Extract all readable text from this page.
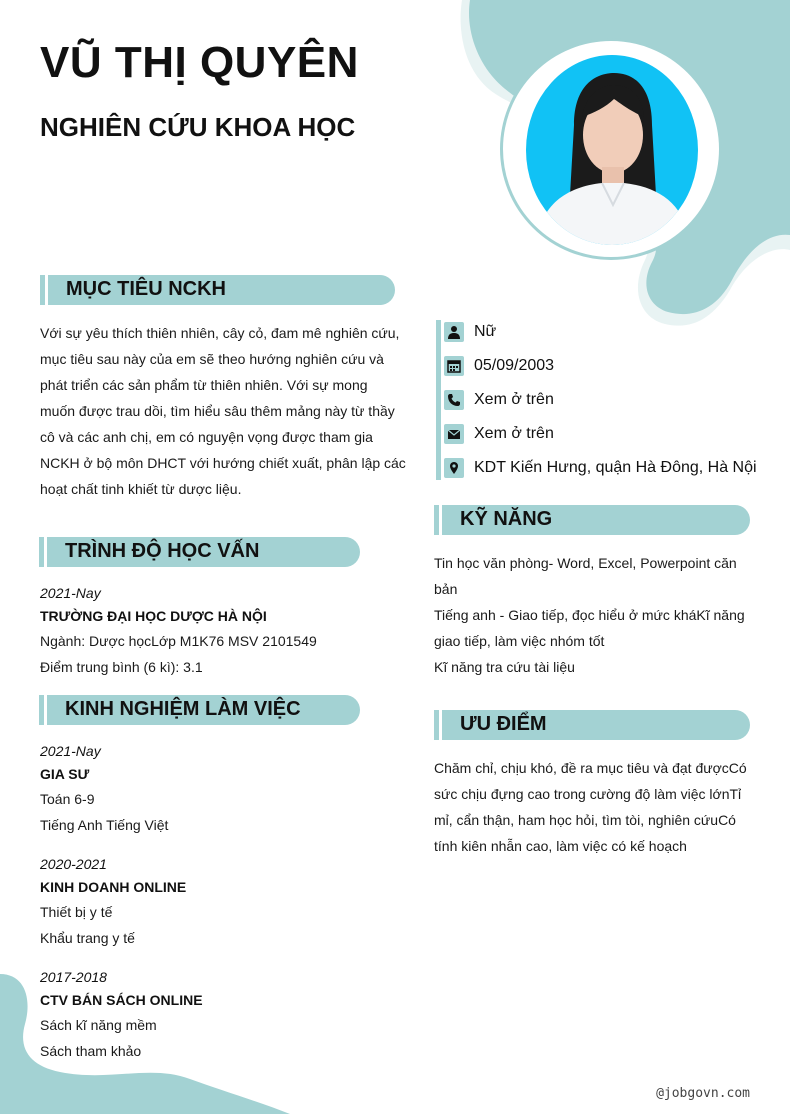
VŨ THỊ QUYÊN
NGHIÊN CỨU KHOA HỌC
MỤC TIÊU NCKH
Với sự yêu thích thiên nhiên, cây cỏ, đam mê nghiên cứu,
mục tiêu sau này của em sẽ theo hướng nghiên cứu và
phát triển các sản phẩm từ thiên nhiên. Với sự mong
muốn được trau dồi, tìm hiểu sâu thêm mảng này từ thầy
cô và các anh chị, em có nguyện vọng được tham gia
NCKH ở bộ môn DHCT với hướng chiết xuất, phân lập các
hoạt chất tinh khiết từ dược liệu.
TRÌNH ĐỘ HỌC VẤN
2021-Nay
TRƯỜNG ĐẠI HỌC DƯỢC HÀ NỘI
Ngành: Dược họcLớp M1K76 MSV 2101549
Điểm trung bình (6 kì): 3.1
KINH NGHIỆM LÀM VIỆC
2021-Nay
GIA SƯ
Toán 6-9
Tiếng Anh Tiếng Việt
2020-2021
KINH DOANH ONLINE
Thiết bị y tế
Khẩu trang y tế
2017-2018
CTV BÁN SÁCH ONLINE
Sách kĩ năng mềm
Sách tham khảo
Nữ
05/09/2003
Xem ở trên
Xem ở trên
KDT Kiến Hưng, quận Hà Đông, Hà Nội
KỸ NĂNG
Tin học văn phòng- Word, Excel, Powerpoint căn
bản
Tiếng anh - Giao tiếp, đọc hiểu ở mức kháKĩ năng
giao tiếp, làm việc nhóm tốt
Kĩ năng tra cứu tài liệu
ƯU ĐIỂM
Chăm chỉ, chịu khó, đề ra mục tiêu và đạt đượcCó
sức chịu đựng cao trong cường độ làm việc lớnTỉ
mỉ, cẩn thận, ham học hỏi, tìm tòi, nghiên cứuCó
tính kiên nhẫn cao, làm việc có kế hoạch
@jobgovn.com
